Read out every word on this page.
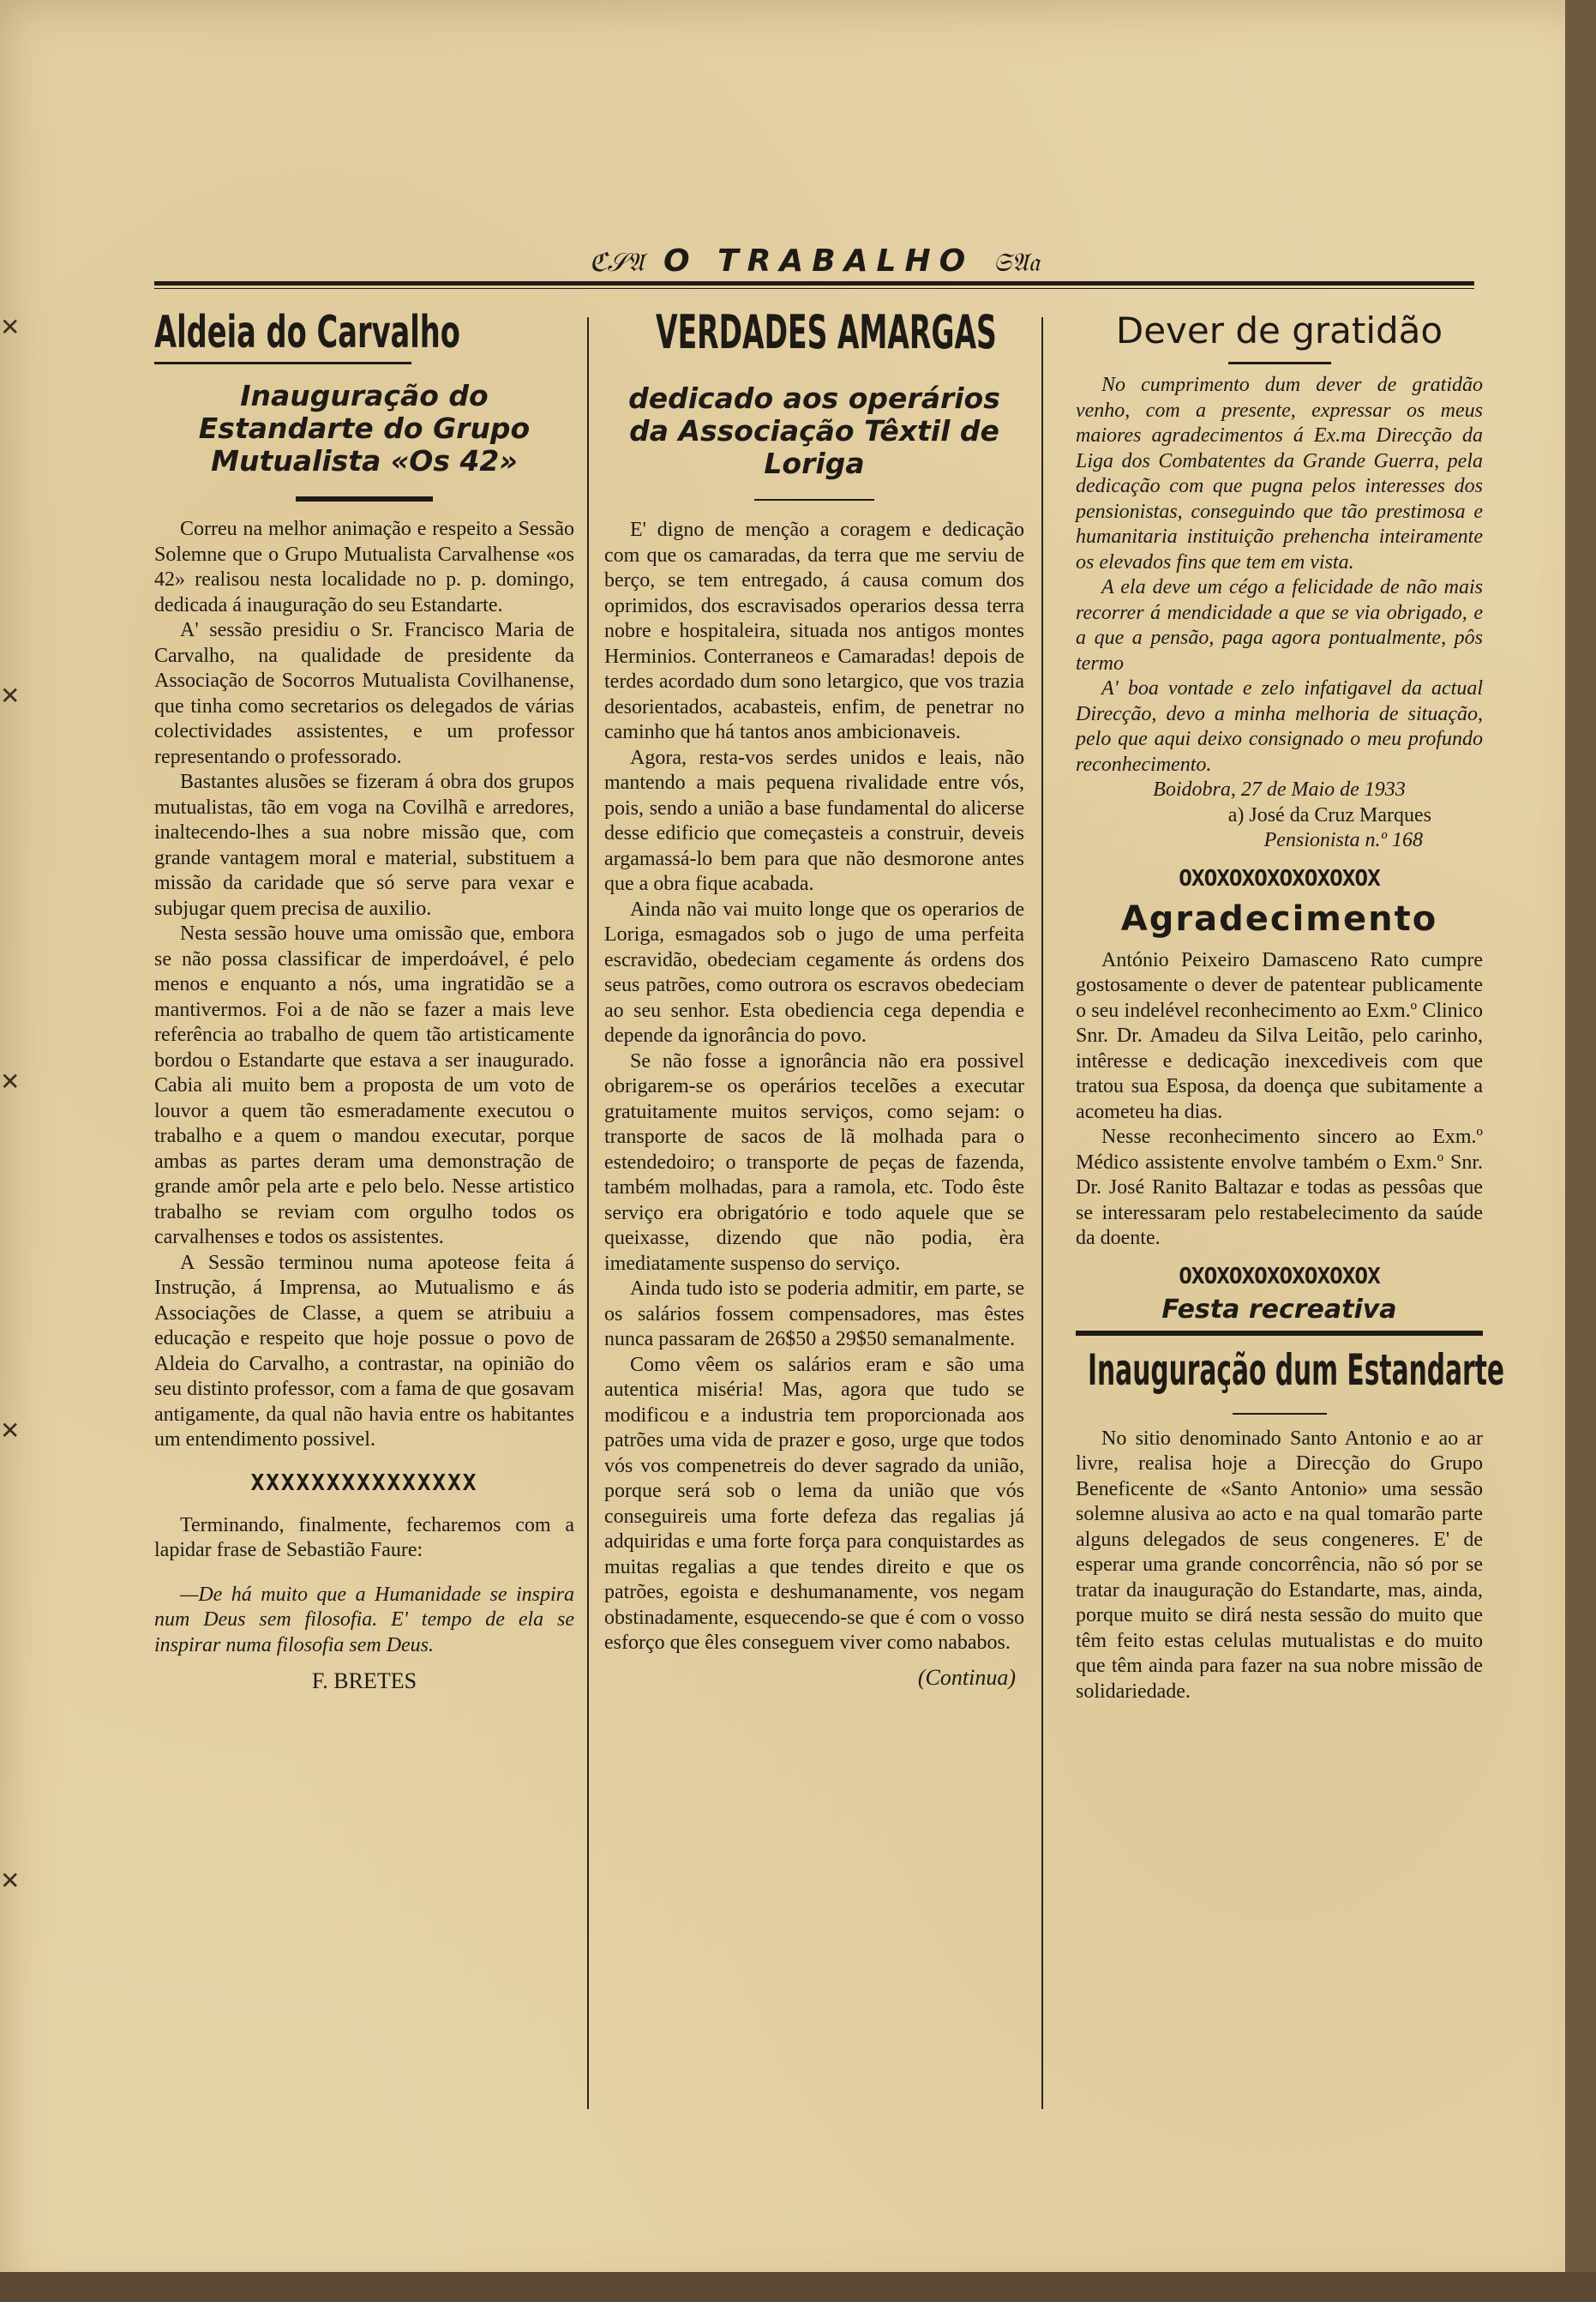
✕
✕
✕
✕
✕
ℭ𝒮𝔄 O TRABALHO 𝔖𝔄𝔞
Aldeia do Carvalho
Inauguração do Estandarte do Grupo Mutualista «Os 42»

Correu na melhor animação e respeito a Sessão Solemne que o Grupo Mutualista Carvalhense «os 42» realisou nesta localidade no p. p. domingo, dedicada á inauguração do seu Estandarte.

A' sessão presidiu o Sr. Francisco Maria de Carvalho, na qualidade de presidente da Associação de Socorros Mutualista Covilhanense, que tinha como secretarios os delegados de várias colectividades assistentes, e um professor representando o professorado.

Bastantes alusões se fizeram á obra dos grupos mutualistas, tão em voga na Covilhã e arredores, inaltecendo-lhes a sua nobre missão que, com grande vantagem moral e material, substituem a missão da caridade que só serve para vexar e subjugar quem precisa de auxilio.

Nesta sessão houve uma omissão que, embora se não possa classificar de imperdoável, é pelo menos e enquanto a nós, uma ingratidão se a mantivermos. Foi a de não se fazer a mais leve referência ao trabalho de quem tão artisticamente bordou o Estandarte que estava a ser inaugurado. Cabia ali muito bem a proposta de um voto de louvor a quem tão esmeradamente executou o trabalho e a quem o mandou executar, porque ambas as partes deram uma demonstração de grande amôr pela arte e pelo belo. Nesse artistico trabalho se reviam com orgulho todos os carvalhenses e todos os assistentes.

A Sessão terminou numa apoteose feita á Instrução, á Imprensa, ao Mutualismo e ás Associações de Classe, a quem se atribuiu a educação e respeito que hoje possue o povo de Aldeia do Carvalho, a contrastar, na opinião do seu distinto professor, com a fama de que gosavam antigamente, da qual não havia entre os habitantes um entendimento possivel.

XXXXXXXXXXXXXXX

Terminando, finalmente, fecharemos com a lapidar frase de Sebastião Faure:

—De há muito que a Humanidade se inspira num Deus sem filosofia. E' tempo de ela se inspirar numa filosofia sem Deus.

F. BRETES
VERDADES AMARGAS
dedicado aos operários da Associação Têxtil de Loriga

E' digno de menção a coragem e dedicação com que os camaradas, da terra que me serviu de berço, se tem entregado, á causa comum dos oprimidos, dos escravisados operarios dessa terra nobre e hospitaleira, situada nos antigos montes Herminios. Conterraneos e Camaradas! depois de terdes acordado dum sono letargico, que vos trazia desorientados, acabasteis, enfim, de penetrar no caminho que há tantos anos ambicionaveis.

Agora, resta-vos serdes unidos e leais, não mantendo a mais pequena rivalidade entre vós, pois, sendo a união a base fundamental do alicerse desse edificio que começasteis a construir, deveis argamassá-lo bem para que não desmorone antes que a obra fique acabada.

Ainda não vai muito longe que os operarios de Loriga, esmagados sob o jugo de uma perfeita escravidão, obedeciam cegamente ás ordens dos seus patrões, como outrora os escravos obedeciam ao seu senhor. Esta obediencia cega dependia e depende da ignorância do povo.

Se não fosse a ignorância não era possivel obrigarem-se os operários tecelões a executar gratuitamente muitos serviços, como sejam: o transporte de sacos de lã molhada para o estendedoiro; o transporte de peças de fazenda, também molhadas, para a ramola, etc. Todo êste serviço era obrigatório e todo aquele que se queixasse, dizendo que não podia, èra imediatamente suspenso do serviço.

Ainda tudo isto se poderia admitir, em parte, se os salários fossem compensadores, mas êstes nunca passaram de 26$50 a 29$50 semanalmente.

Como vêem os salários eram e são uma autentica miséria! Mas, agora que tudo se modificou e a industria tem proporcionada aos patrões uma vida de prazer e goso, urge que todos vós vos compenetreis do dever sagrado da união, porque será sob o lema da união que vós conseguireis uma forte defeza das regalias já adquiridas e uma forte força para conquistardes as muitas regalias a que tendes direito e que os patrões, egoista e deshumanamente, vos negam obstinadamente, esquecendo-se que é com o vosso esforço que êles conseguem viver como nababos.

(Continua)
Dever de gratidão

No cumprimento dum dever de gratidão venho, com a presente, expressar os meus maiores agradecimentos á Ex.ma Direcção da Liga dos Combatentes da Grande Guerra, pela dedicação com que pugna pelos interesses dos pensionistas, conseguindo que tão prestimosa e humanitaria instituição prehencha inteiramente os elevados fins que tem em vista.

A ela deve um cégo a felicidade de não mais recorrer á mendicidade a que se via obrigado, e a que a pensão, paga agora pontualmente, pôs termo

A' boa vontade e zelo infatigavel da actual Direcção, devo a minha melhoria de situação, pelo que aqui deixo consignado o meu profundo reconhecimento.

Boidobra, 27 de Maio de 1933

a) José da Cruz Marques

Pensionista n.º 168

OXOXOXOXOXOXOXOX
Agradecimento

António Peixeiro Damasceno Rato cumpre gostosamente o dever de patentear publicamente o seu indelével reconhecimento ao Exm.º Clinico Snr. Dr. Amadeu da Silva Leitão, pelo carinho, intêresse e dedicação inexcediveis com que tratou sua Esposa, da doença que subitamente a acometeu ha dias.

Nesse reconhecimento sincero ao Exm.º Médico assistente envolve também o Exm.º Snr. Dr. José Ranito Baltazar e todas as pessôas que se interessaram pelo restabelecimento da saúde da doente.

OXOXOXOXOXOXOXOX
Festa recreativa
Inauguração dum Estandarte

No sitio denominado Santo Antonio e ao ar livre, realisa hoje a Direcção do Grupo Beneficente de «Santo Antonio» uma sessão solemne alusiva ao acto e na qual tomarão parte alguns delegados de seus congeneres. E' de esperar uma grande concorrência, não só por se tratar da inauguração do Estandarte, mas, ainda, porque muito se dirá nesta sessão do muito que têm feito estas celulas mutualistas e do muito que têm ainda para fazer na sua nobre missão de solidariedade.
